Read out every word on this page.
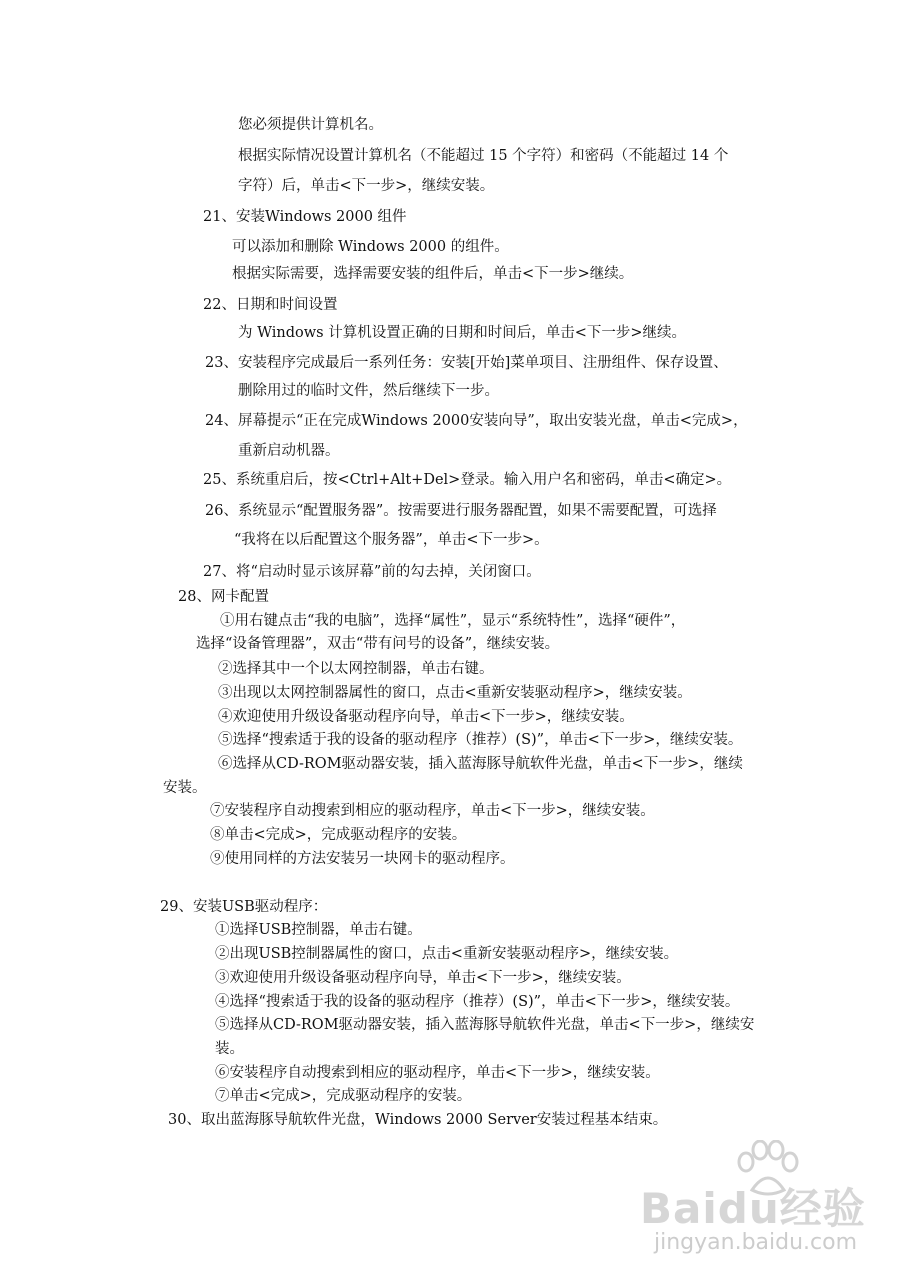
您必须提供计算机名。
根据实际情况设置计算机名（不能超过 15 个字符）和密码（不能超过 14 个
字符）后，单击<下一步>，继续安装。
21、安装Windows 2000 组件
可以添加和删除 Windows 2000 的组件。
根据实际需要，选择需要安装的组件后，单击<下一步>继续。
22、日期和时间设置
为 Windows 计算机设置正确的日期和时间后，单击<下一步>继续。
23、安装程序完成最后一系列任务：安装[开始]菜单项目、注册组件、保存设置、
删除用过的临时文件，然后继续下一步。
24、屏幕提示“正在完成Windows 2000安装向导”，取出安装光盘，单击<完成>，
重新启动机器。
25、系统重启后，按<Ctrl+Alt+Del>登录。输入用户名和密码，单击<确定>。
26、系统显示“配置服务器”。按需要进行服务器配置，如果不需要配置，可选择
“我将在以后配置这个服务器”，单击<下一步>。
27、将“启动时显示该屏幕”前的勾去掉，关闭窗口。
28、网卡配置
①用右键点击“我的电脑”，选择“属性”，显示“系统特性”，选择“硬件”，
选择“设备管理器”，双击“带有问号的设备”，继续安装。
②选择其中一个以太网控制器，单击右键。
③出现以太网控制器属性的窗口，点击<重新安装驱动程序>，继续安装。
④欢迎使用升级设备驱动程序向导，单击<下一步>，继续安装。
⑤选择“搜索适于我的设备的驱动程序（推荐）(S)”，单击<下一步>，继续安装。
⑥选择从CD-ROM驱动器安装，插入蓝海豚导航软件光盘，单击<下一步>，继续
安装。
⑦安装程序自动搜索到相应的驱动程序，单击<下一步>，继续安装。
⑧单击<完成>，完成驱动程序的安装。
⑨使用同样的方法安装另一块网卡的驱动程序。
29、安装USB驱动程序：
①选择USB控制器，单击右键。
②出现USB控制器属性的窗口，点击<重新安装驱动程序>，继续安装。
③欢迎使用升级设备驱动程序向导，单击<下一步>，继续安装。
④选择“搜索适于我的设备的驱动程序（推荐）(S)”，单击<下一步>，继续安装。
⑤选择从CD-ROM驱动器安装，插入蓝海豚导航软件光盘，单击<下一步>，继续安
装。
⑥安装程序自动搜索到相应的驱动程序，单击<下一步>，继续安装。
⑦单击<完成>，完成驱动程序的安装。
30、取出蓝海豚导航软件光盘，Windows 2000 Server安装过程基本结束。
Baidu经验
jingyan.baidu.com
